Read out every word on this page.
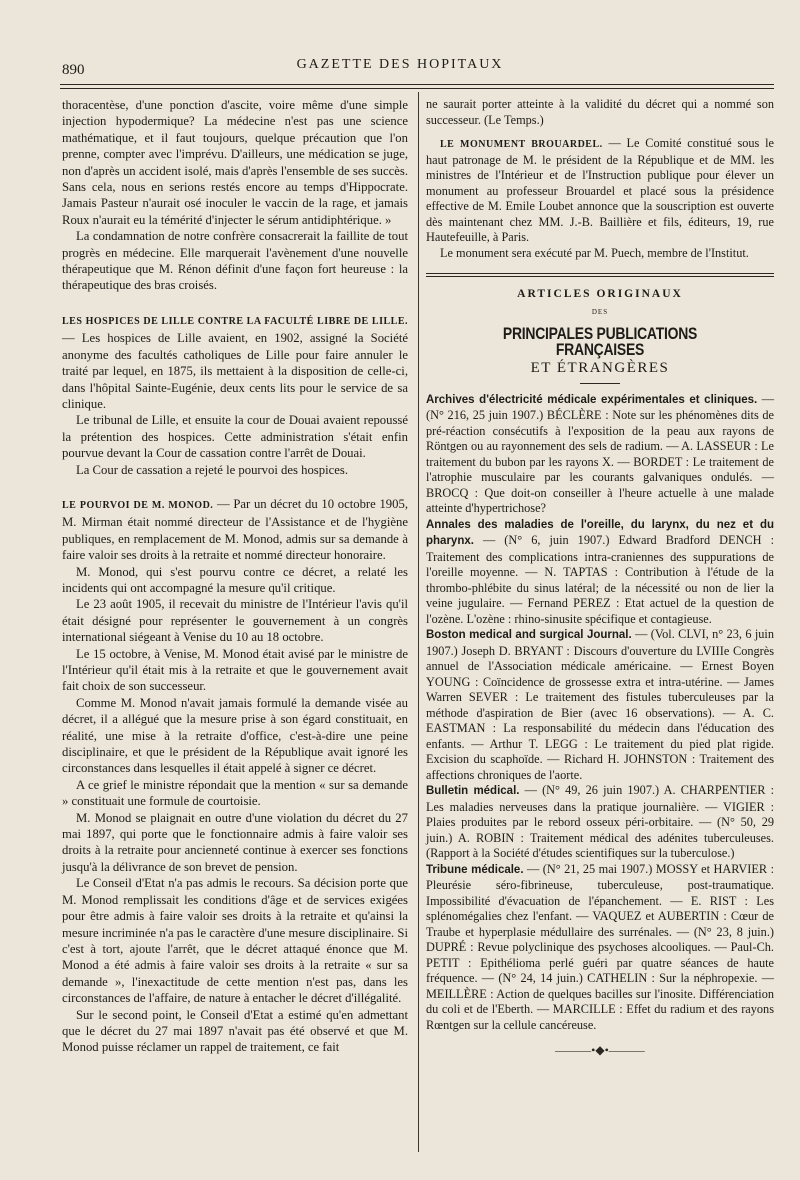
890	GAZETTE DES HOPITAUX

thoracentèse, d'une ponction d'ascite, voire même d'une simple injection hypodermique? La médecine n'est pas une science mathématique, et il faut toujours, quelque précaution que l'on prenne, compter avec l'imprévu. D'ailleurs, une médication se juge, non d'après un accident isolé, mais d'après l'ensemble de ses succès. Sans cela, nous en serions restés encore au temps d'Hippocrate. Jamais Pasteur n'aurait osé inoculer le vaccin de la rage, et jamais Roux n'aurait eu la témérité d'injecter le sérum antidiphtérique. »

La condamnation de notre confrère consacrerait la faillite de tout progrès en médecine. Elle marquerait l'avènement d'une nouvelle thérapeutique que M. Rénon définit d'une façon fort heureuse : la thérapeutique des bras croisés.

LES HOSPICES DE LILLE CONTRE LA FACULTÉ LIBRE DE LILLE. — Les hospices de Lille avaient, en 1902, assigné la Société anonyme des facultés catholiques de Lille pour faire annuler le traité par lequel, en 1875, ils mettaient à la disposition de celle-ci, dans l'hôpital Sainte-Eugénie, deux cents lits pour le service de sa clinique.

Le tribunal de Lille, et ensuite la cour de Douai avaient repoussé la prétention des hospices. Cette administration s'était enfin pourvue devant la Cour de cassation contre l'arrêt de Douai.

La Cour de cassation a rejeté le pourvoi des hospices.

LE POURVOI DE M. MONOD. — Par un décret du 10 octobre 1905, M. Mirman était nommé directeur de l'Assistance et de l'hygiène publiques, en remplacement de M. Monod, admis sur sa demande à faire valoir ses droits à la retraite et nommé directeur honoraire.

M. Monod, qui s'est pourvu contre ce décret, a relaté les incidents qui ont accompagné la mesure qu'il critique.

Le 23 août 1905, il recevait du ministre de l'Intérieur l'avis qu'il était désigné pour représenter le gouvernement à un congrès international siégeant à Venise du 10 au 18 octobre.

Le 15 octobre, à Venise, M. Monod était avisé par le ministre de l'Intérieur qu'il était mis à la retraite et que le gouvernement avait fait choix de son successeur.

Comme M. Monod n'avait jamais formulé la demande visée au décret, il a allégué que la mesure prise à son égard constituait, en réalité, une mise à la retraite d'office, c'est-à-dire une peine disciplinaire, et que le président de la République avait ignoré les circonstances dans lesquelles il était appelé à signer ce décret.

A ce grief le ministre répondait que la mention « sur sa demande » constituait une formule de courtoisie.

M. Monod se plaignait en outre d'une violation du décret du 27 mai 1897, qui porte que le fonctionnaire admis à faire valoir ses droits à la retraite pour ancienneté continue à exercer ses fonctions jusqu'à la délivrance de son brevet de pension.

Le Conseil d'Etat n'a pas admis le recours. Sa décision porte que M. Monod remplissait les conditions d'âge et de services exigées pour être admis à faire valoir ses droits à la retraite et qu'ainsi la mesure incriminée n'a pas le caractère d'une mesure disciplinaire. Si c'est à tort, ajoute l'arrêt, que le décret attaqué énonce que M. Monod a été admis à faire valoir ses droits à la retraite « sur sa demande », l'inexactitude de cette mention n'est pas, dans les circonstances de l'affaire, de nature à entacher le décret d'illégalité.

Sur le second point, le Conseil d'Etat a estimé qu'en admettant que le décret du 27 mai 1897 n'avait pas été observé et que M. Monod puisse réclamer un rappel de traitement, ce fait

ne saurait porter atteinte à la validité du décret qui a nommé son successeur. (Le Temps.)

LE MONUMENT BROUARDEL. — Le Comité constitué sous le haut patronage de M. le président de la République et de MM. les ministres de l'Intérieur et de l'Instruction publique pour élever un monument au professeur Brouardel et placé sous la présidence effective de M. Emile Loubet annonce que la souscription est ouverte dès maintenant chez MM. J.-B. Baillière et fils, éditeurs, 19, rue Hautefeuille, à Paris.

Le monument sera exécuté par M. Puech, membre de l'Institut.

ARTICLES ORIGINAUX
DES
PRINCIPALES PUBLICATIONS FRANÇAISES
ET ÉTRANGÈRES

Archives d'électricité médicale expérimentales et cliniques. — (N° 216, 25 juin 1907.) BÉCLÈRE : Note sur les phénomènes dits de pré-réaction consécutifs à l'exposition de la peau aux rayons de Röntgen ou au rayonnement des sels de radium. — A. LASSEUR : Le traitement du bubon par les rayons X. — BORDET : Le traitement de l'atrophie musculaire par les courants galvaniques ondulés. — BROCQ : Que doit-on conseiller à l'heure actuelle à une malade atteinte d'hypertrichose?

Annales des maladies de l'oreille, du larynx, du nez et du pharynx. — (N° 6, juin 1907.) Edward Bradford DENCH : Traitement des complications intra-craniennes des suppurations de l'oreille moyenne. — N. TAPTAS : Contribution à l'étude de la thrombo-phlébite du sinus latéral; de la nécessité ou non de lier la veine jugulaire. — Fernand PEREZ : Etat actuel de la question de l'ozène. L'ozène : rhino-sinusite spécifique et contagieuse.

Boston medical and surgical Journal. — (Vol. CLVI, n° 23, 6 juin 1907.) Joseph D. BRYANT : Discours d'ouverture du LVIIIe Congrès annuel de l'Association médicale américaine. — Ernest Boyen YOUNG : Coïncidence de grossesse extra et intra-utérine. — James Warren SEVER : Le traitement des fistules tuberculeuses par la méthode d'aspiration de Bier (avec 16 observations). — A. C. EASTMAN : La responsabilité du médecin dans l'éducation des enfants. — Arthur T. LEGG : Le traitement du pied plat rigide. Excision du scaphoïde. — Richard H. JOHNSTON : Traitement des affections chroniques de l'aorte.

Bulletin médical. — (N° 49, 26 juin 1907.) A. CHARPENTIER : Les maladies nerveuses dans la pratique journalière. — VIGIER : Plaies produites par le rebord osseux péri-orbitaire. — (N° 50, 29 juin.) A. ROBIN : Traitement médical des adénites tuberculeuses. (Rapport à la Société d'études scientifiques sur la tuberculose.)

Tribune médicale. — (N° 21, 25 mai 1907.) MOSSY et HARVIER : Pleurésie séro-fibrineuse, tuberculeuse, post-traumatique. Impossibilité d'évacuation de l'épanchement. — E. RIST : Les splénomégalies chez l'enfant. — VAQUEZ et AUBERTIN : Cœur de Traube et hyperplasie médullaire des surrénales. — (N° 23, 8 juin.) DUPRÉ : Revue polyclinique des psychoses alcooliques. — Paul-Ch. PETIT : Epithélioma perlé guéri par quatre séances de haute fréquence. — (N° 24, 14 juin.) CATHELIN : Sur la néphropexie. — MEILLÈRE : Action de quelques bacilles sur l'inosite. Différenciation du coli et de l'Eberth. — MARCILLE : Effet du radium et des rayons Rœntgen sur la cellule cancéreuse.

———•◆•———
